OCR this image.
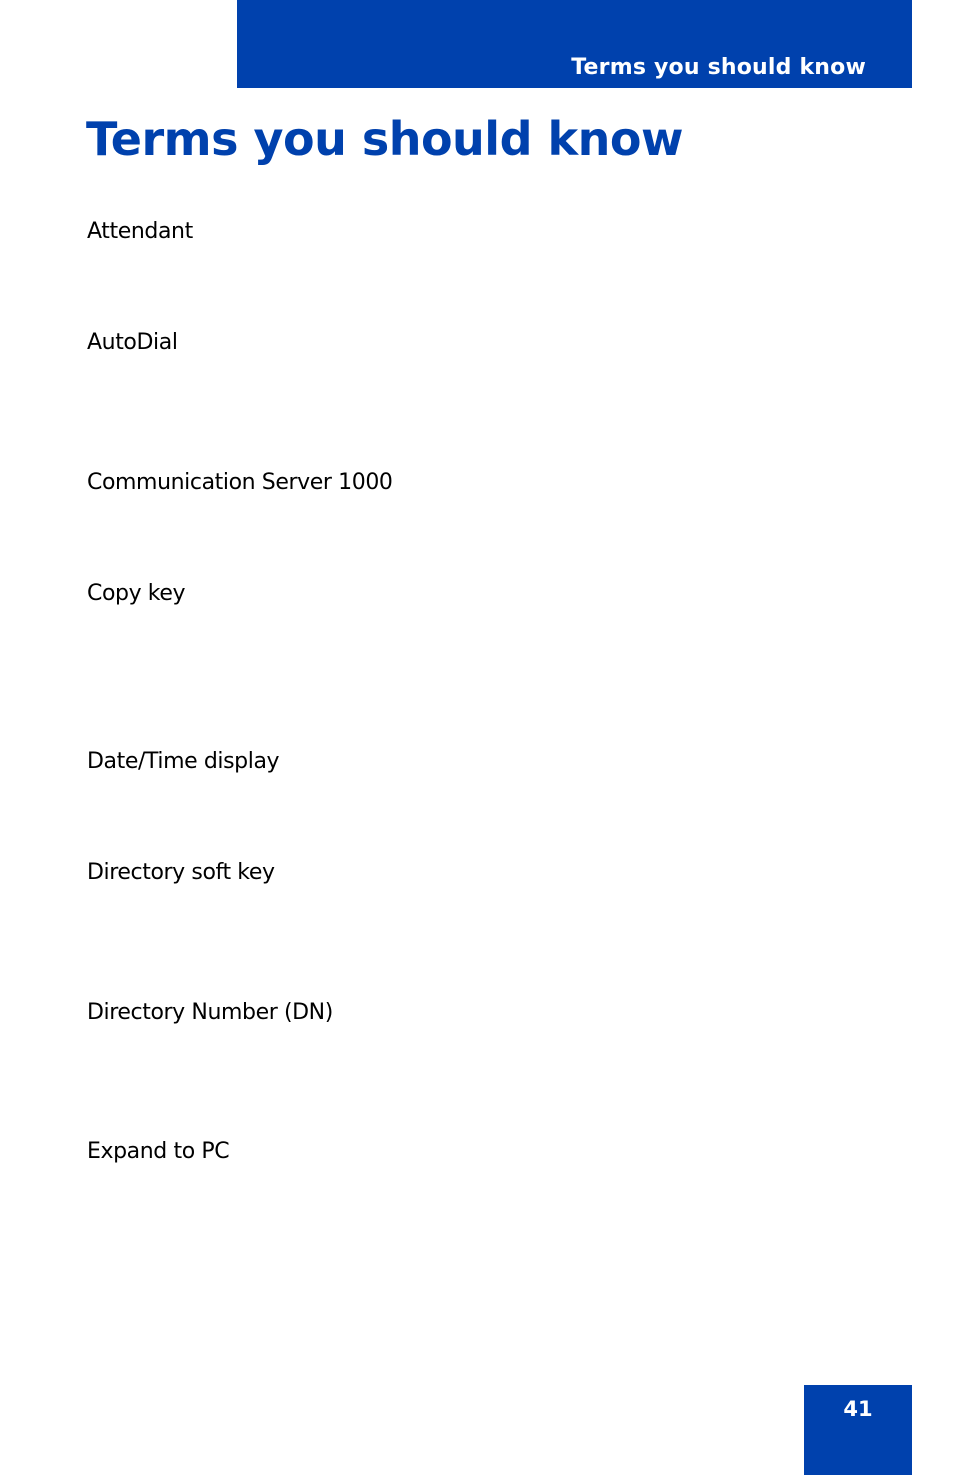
Terms you should know
Terms you should know

Attendant

AutoDial

Communication Server 1000

Copy key

Date/Time display

Directory soft key

Directory Number (DN)

Expand to PC

41
